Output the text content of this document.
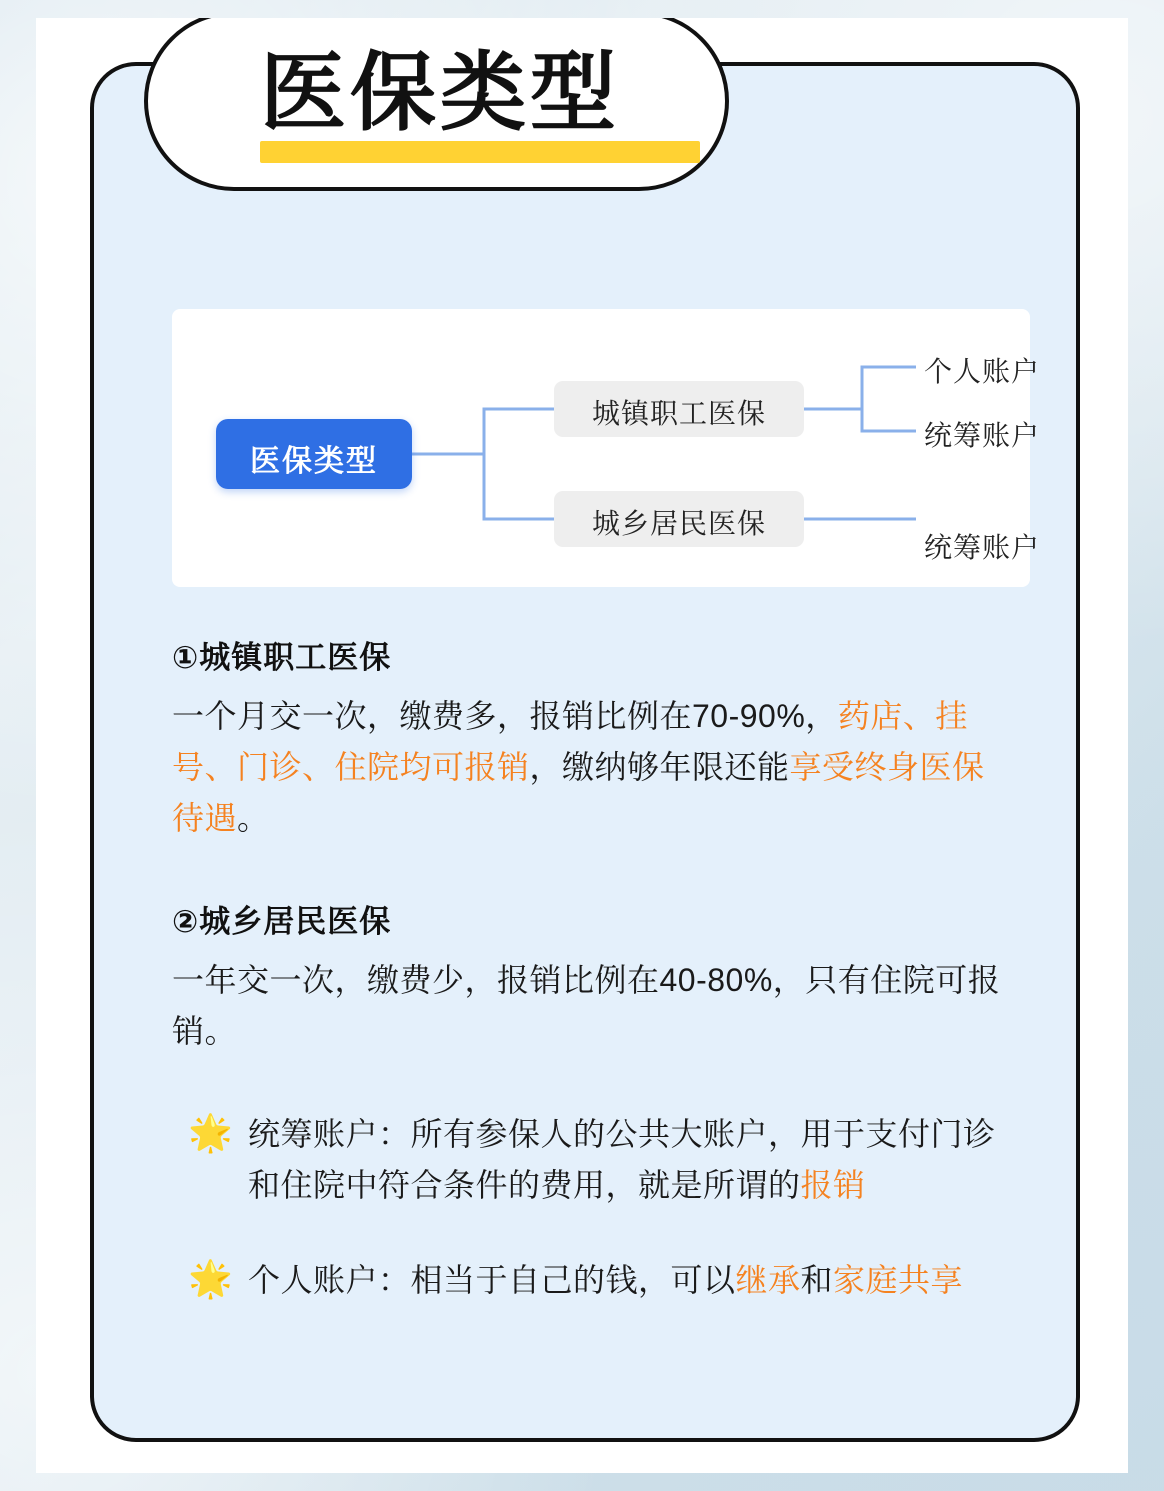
医保类型
医保类型
城镇职工医保
城乡居民医保
个人账户
统筹账户
统筹账户
①城镇职工医保

一个月交一次，缴费多，报销比例在70-90%，药店、挂号、门诊、住院均可报销，缴纳够年限还能享受终身医保待遇。

②城乡居民医保

一年交一次，缴费少，报销比例在40-80%，只有住院可报销。

🌟 统筹账户：所有参保人的公共大账户，用于支付门诊和住院中符合条件的费用，就是所谓的报销
🌟 个人账户：相当于自己的钱，可以继承和家庭共享
